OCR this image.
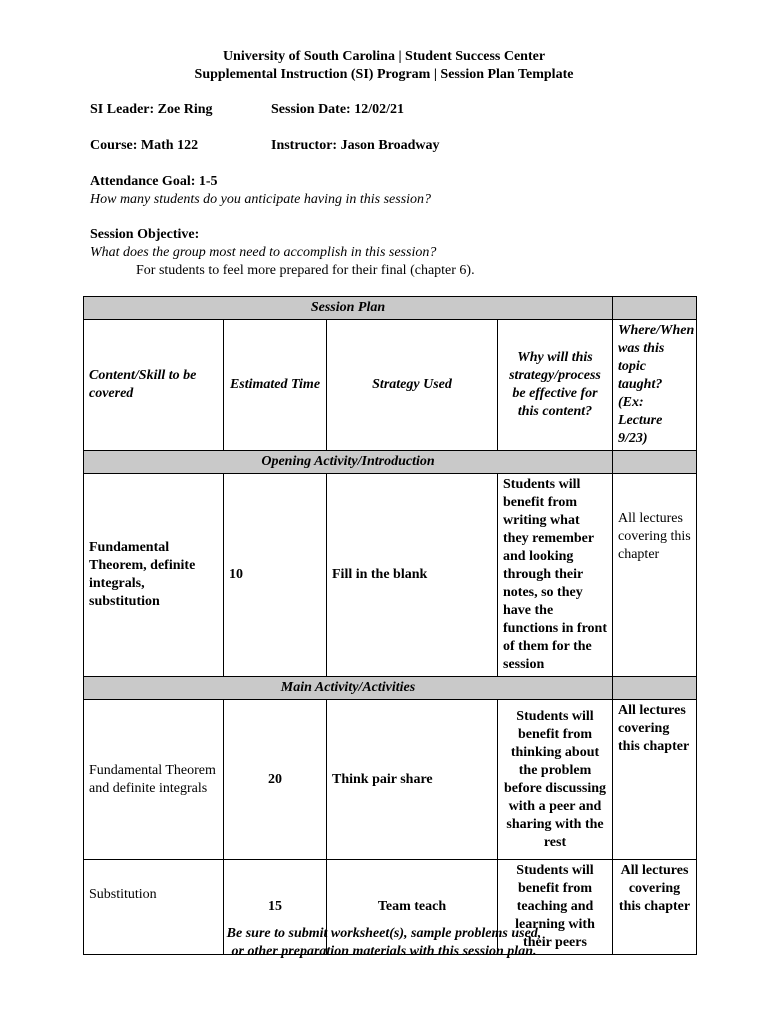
University of South Carolina | Student Success Center
Supplemental Instruction (SI) Program | Session Plan Template
SI Leader: Zoe Ring	Session Date: 12/02/21
Course: Math 122	Instructor: Jason Broadway
Attendance Goal: 1-5
How many students do you anticipate having in this session?
Session Objective:
What does the group most need to accomplish in this session?
For students to feel more prepared for their final (chapter 6).
Session Plan				
Content/Skill to be covered	Estimated Time	Strategy Used	Why will this strategy/process be effective for this content?	Where/When was this topic taught? (Ex: Lecture 9/23)
Opening Activity/Introduction				
Fundamental Theorem, definite integrals, substitution	10	Fill in the blank	Students will benefit from writing what they remember and looking through their notes, so they have the functions in front of them for the session	All lectures covering this chapter
Main Activity/Activities				
Fundamental Theorem and definite integrals	20	Think pair share	Students will benefit from thinking about the problem before discussing with a peer and sharing with the rest	All lectures covering this chapter
Substitution	15	Team teach	Students will benefit from teaching and learning with their peers	All lectures covering this chapter
Be sure to submit worksheet(s), sample problems used,
or other preparation materials with this session plan.
